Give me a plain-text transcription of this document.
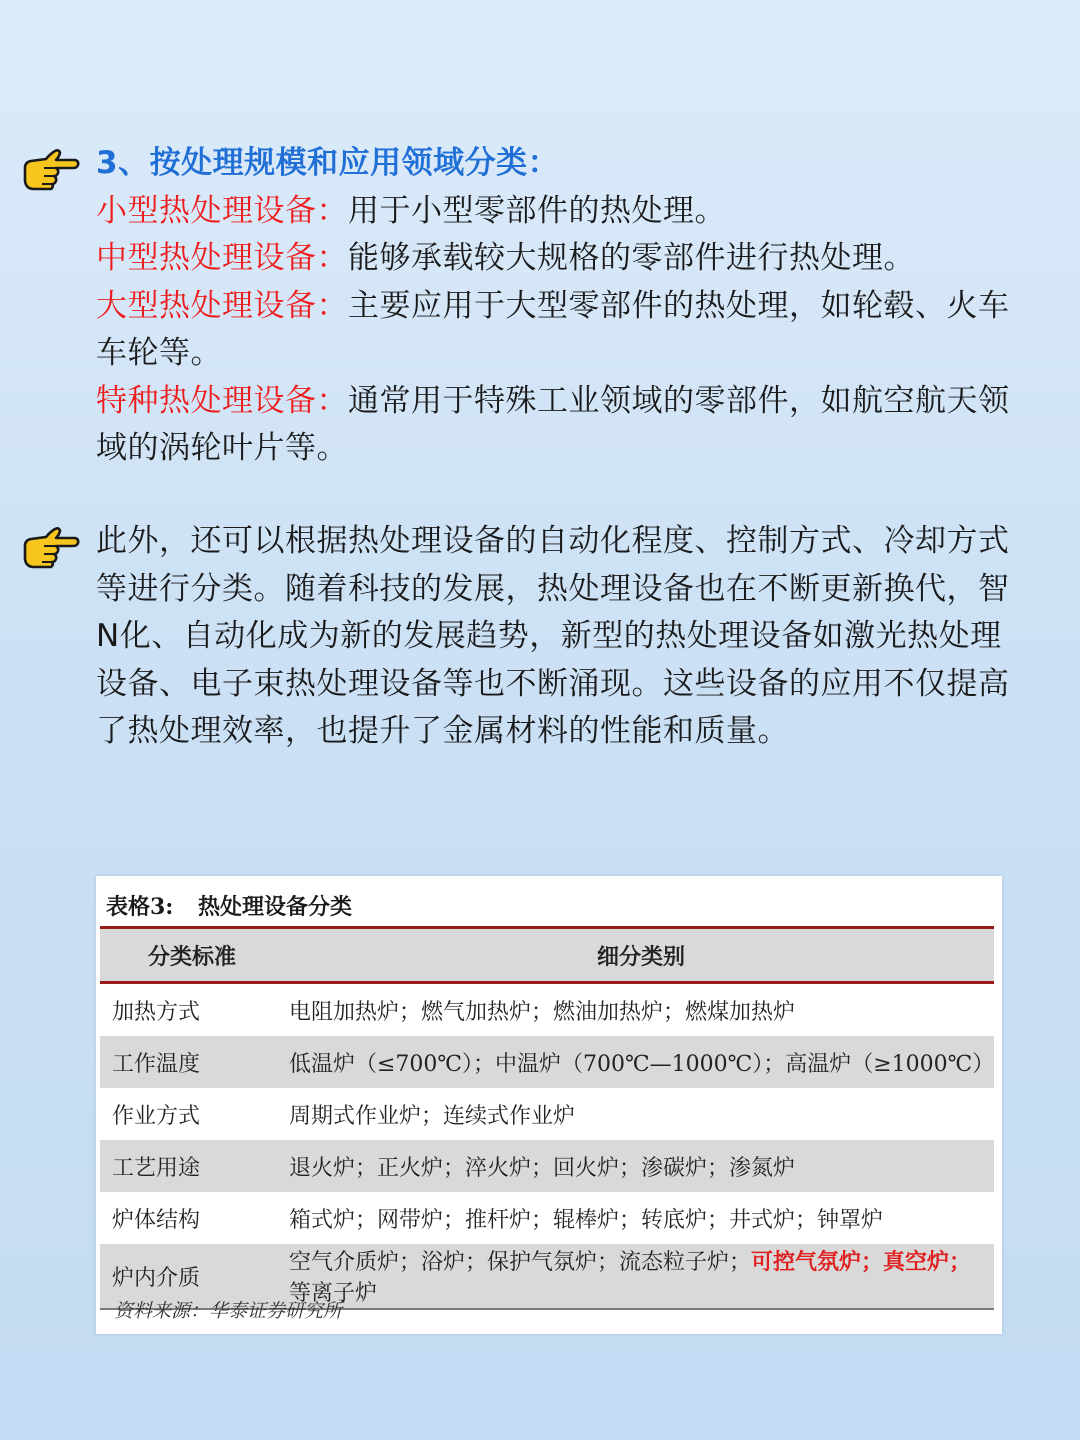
3、按处理规模和应用领域分类：
小型热处理设备：用于小型零部件的热处理。
中型热处理设备：能够承载较大规格的零部件进行热处理。
大型热处理设备：主要应用于大型零部件的热处理，如轮毂、火车车轮等。
特种热处理设备：通常用于特殊工业领域的零部件，如航空航天领域的涡轮叶片等。
此外，还可以根据热处理设备的自动化程度、控制方式、冷却方式等进行分类。随着科技的发展，热处理设备也在不断更新换代，智N化、自动化成为新的发展趋势，新型的热处理设备如激光热处理设备、电子束热处理设备等也不断涌现。这些设备的应用不仅提高了热处理效率，也提升了金属材料的性能和质量。
表格3: 热处理设备分类
分类标准	细分类别
加热方式	电阻加热炉；燃气加热炉；燃油加热炉；燃煤加热炉
工作温度	低温炉（≤700℃）；中温炉（700℃—1000℃）；高温炉（≥1000℃）
作业方式	周期式作业炉；连续式作业炉
工艺用途	退火炉；正火炉；淬火炉；回火炉；渗碳炉；渗氮炉
炉体结构	箱式炉；网带炉；推杆炉；辊棒炉；转底炉；井式炉；钟罩炉
炉内介质	空气介质炉；浴炉；保护气氛炉；流态粒子炉；可控气氛炉；真空炉；等离子炉
资料来源：华泰证券研究所
